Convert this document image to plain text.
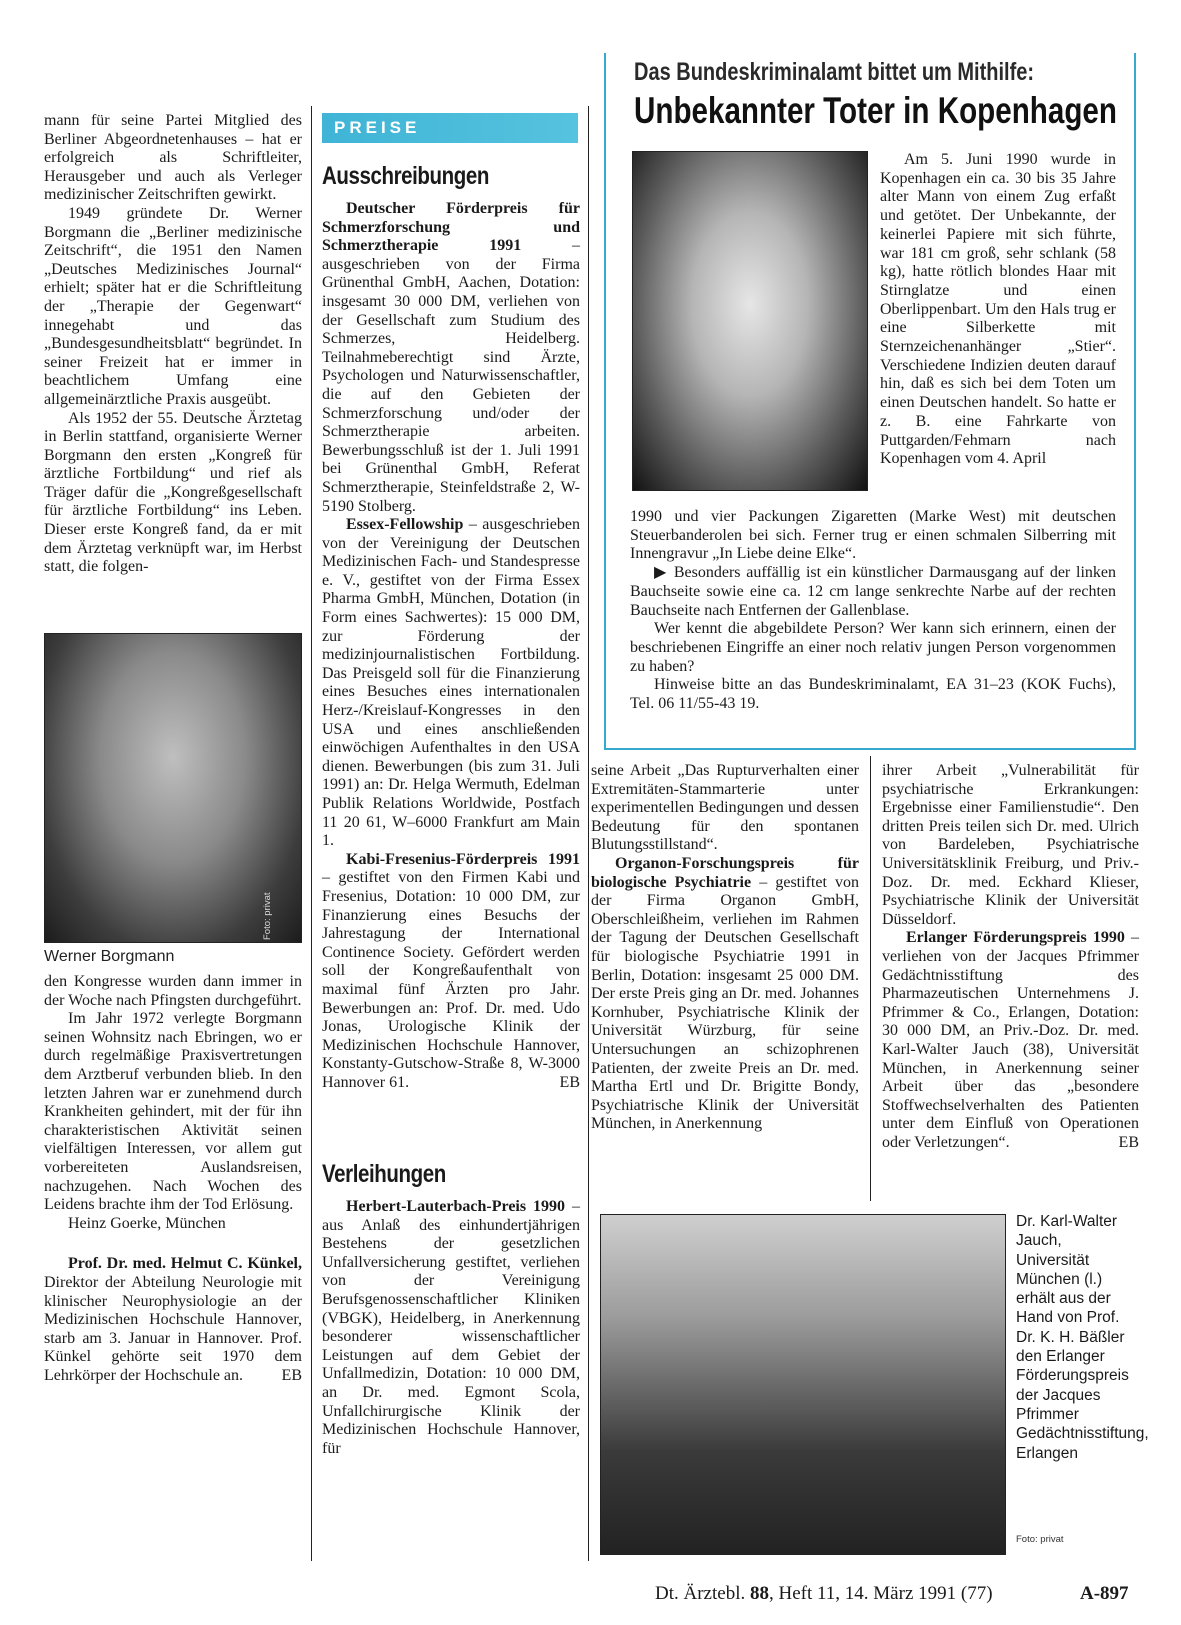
mann für seine Partei Mitglied des Berliner Abgeordnetenhauses – hat er erfolgreich als Schriftleiter, Herausgeber und auch als Verleger medizinischer Zeitschriften gewirkt.

1949 gründete Dr. Werner Borgmann die „Berliner medizinische Zeitschrift“, die 1951 den Namen „Deutsches Medizinisches Journal“ erhielt; später hat er die Schriftleitung der „Therapie der Gegenwart“ innegehabt und das „Bundesgesundheitsblatt“ begründet. In seiner Freizeit hat er immer in beachtlichem Umfang eine allgemeinärztliche Praxis ausgeübt.

Als 1952 der 55. Deutsche Ärztetag in Berlin stattfand, organisierte Werner Borgmann den ersten „Kongreß für ärztliche Fortbildung“ und rief als Träger dafür die „Kongreßgesellschaft für ärztliche Fortbildung“ ins Leben. Dieser erste Kongreß fand, da er mit dem Ärztetag verknüpft war, im Herbst statt, die folgen-

Foto: privat
Werner Borgmann

den Kongresse wurden dann immer in der Woche nach Pfingsten durchgeführt.

Im Jahr 1972 verlegte Borgmann seinen Wohnsitz nach Ebringen, wo er durch regelmäßige Praxisvertretungen dem Arztberuf verbunden blieb. In den letzten Jahren war er zunehmend durch Krankheiten gehindert, mit der für ihn charakteristischen Aktivität seinen vielfältigen Interessen, vor allem gut vorbereiteten Auslandsreisen, nachzugehen. Nach Wochen des Leidens brachte ihm der Tod Erlösung.

Heinz Goerke, München

Prof. Dr. med. Helmut C. Künkel, Direktor der Abteilung Neurologie mit klinischer Neurophysiologie an der Medizinischen Hochschule Hannover, starb am 3. Januar in Hannover. Prof. Künkel gehörte seit 1970 dem Lehrkörper der Hochschule an.	EB

PREISE
Ausschreibungen

Deutscher Förderpreis für Schmerzforschung und Schmerztherapie 1991	– ausgeschrieben von der Firma Grünenthal GmbH, Aachen, Dotation: insgesamt 30 000 DM, verliehen von der Gesellschaft zum Studium des Schmerzes, Heidelberg. Teilnahmeberechtigt sind Ärzte, Psychologen und Naturwissenschaftler, die auf den Gebieten der Schmerzforschung und/oder der Schmerztherapie arbeiten. Bewerbungsschluß ist der 1. Juli 1991 bei Grünenthal GmbH, Referat Schmerztherapie, Steinfeldstraße 2, W-5190 Stolberg.

Essex-Fellowship – ausgeschrieben von der Vereinigung der Deutschen Medizinischen Fach- und Standespresse e. V., gestiftet von der Firma Essex Pharma GmbH, München, Dotation (in Form eines Sachwertes): 15 000 DM, zur Förderung der medizinjournalistischen Fortbildung. Das Preisgeld soll für die Finanzierung eines Besuches eines internationalen Herz-/Kreislauf-Kongresses in den USA und eines anschließenden einwöchigen Aufenthaltes in den USA dienen. Bewerbungen (bis zum 31. Juli 1991) an: Dr. Helga Wermuth, Edelman Publik Relations Worldwide, Postfach 11 20 61, W–6000 Frankfurt am Main 1.

Kabi-Fresenius-Förderpreis 1991 – gestiftet von den Firmen Kabi und Fresenius, Dotation: 10 000 DM, zur Finanzierung eines Besuchs der Jahrestagung der International Continence Society. Gefördert werden soll der Kongreßaufenthalt von maximal fünf Ärzten pro Jahr. Bewerbungen an: Prof. Dr. med. Udo Jonas, Urologische Klinik der Medizinischen Hochschule Hannover, Konstanty-Gutschow-Straße 8, W-3000 Hannover 61.	EB

Verleihungen

Herbert-Lauterbach-Preis 1990 – aus Anlaß des einhundertjährigen Bestehens der gesetzlichen Unfallversicherung gestiftet, verliehen von der Vereinigung Berufsgenossenschaftlicher Kliniken (VBGK), Heidelberg, in Anerkennung besonderer wissenschaftlicher Leistungen auf dem Gebiet der Unfallmedizin, Dotation: 10 000 DM, an Dr. med. Egmont Scola, Unfallchirurgische Klinik der Medizinischen Hochschule Hannover, für

Das Bundeskriminalamt bittet um Mithilfe:
Unbekannter Toter in Kopenhagen

Am 5. Juni 1990 wurde in Kopenhagen ein ca. 30 bis 35 Jahre alter Mann von einem Zug erfaßt und getötet. Der Unbekannte, der keinerlei Papiere mit sich führte, war 181 cm groß, sehr schlank (58 kg), hatte rötlich blondes Haar mit Stirnglatze und einen Oberlippenbart. Um den Hals trug er eine Silberkette mit Sternzeichenanhänger „Stier“. Verschiedene Indizien deuten darauf hin, daß es sich bei dem Toten um einen Deutschen handelt. So hatte er z. B. eine Fahrkarte von Puttgarden/Fehmarn nach Kopenhagen vom 4. April

1990 und vier Packungen Zigaretten (Marke West) mit deutschen Steuerbanderolen bei sich. Ferner trug er einen schmalen Silberring mit Innengravur „In Liebe deine Elke“.

▶ Besonders auffällig ist ein künstlicher Darmausgang auf der linken Bauchseite sowie eine ca. 12 cm lange senkrechte Narbe auf der rechten Bauchseite nach Entfernen der Gallenblase.

Wer kennt die abgebildete Person? Wer kann sich erinnern, einen der beschriebenen Eingriffe an einer noch relativ jungen Person vorgenommen zu haben?

Hinweise bitte an das Bundeskriminalamt, EA 31–23 (KOK Fuchs), Tel. 06 11/55-43 19.

seine Arbeit „Das Rupturverhalten einer Extremitäten-Stammarterie unter experimentellen Bedingungen und dessen Bedeutung für den spontanen Blutungsstillstand“.

Organon-Forschungspreis für biologische Psychiatrie – gestiftet von der Firma Organon GmbH, Oberschleißheim, verliehen im Rahmen der Tagung der Deutschen Gesellschaft für biologische Psychiatrie 1991 in Berlin, Dotation: insgesamt 25 000 DM. Der erste Preis ging an Dr. med. Johannes Kornhuber, Psychiatrische Klinik der Universität Würzburg, für seine Untersuchungen an schizophrenen Patienten, der zweite Preis an Dr. med. Martha Ertl und Dr. Brigitte Bondy, Psychiatrische Klinik der Universität München, in Anerkennung

ihrer Arbeit „Vulnerabilität für psychiatrische Erkrankungen: Ergebnisse einer Familienstudie“. Den dritten Preis teilen sich Dr. med. Ulrich von Bardeleben, Psychiatrische Universitätsklinik Freiburg, und Priv.-Doz. Dr. med. Eckhard Klieser, Psychiatrische Klinik der Universität Düsseldorf.

Erlanger Förderungspreis 1990 – verliehen von der Jacques Pfrimmer Gedächtnisstiftung des Pharmazeutischen Unternehmens J. Pfrimmer & Co., Erlangen, Dotation: 30 000 DM, an Priv.-Doz. Dr. med. Karl-Walter Jauch (38), Universität München, in Anerkennung seiner Arbeit über das „besondere Stoffwechselverhalten des Patienten unter dem Einfluß von Operationen oder Verletzungen“.	EB

Dr. Karl-Walter Jauch, Universität München (l.) erhält aus der Hand von Prof. Dr. K. H. Bäßler den Erlanger Förderungspreis der Jacques Pfrimmer Gedächtnisstiftung, Erlangen

Foto: privat
Dt. Ärztebl. 88, Heft 11, 14. März 1991 (77)	A-897
